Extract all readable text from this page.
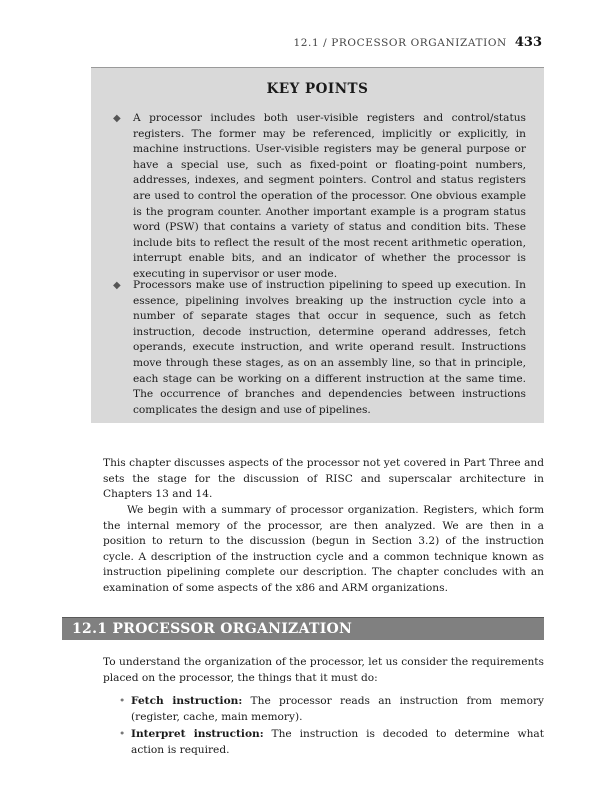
12.1 / PROCESSOR ORGANIZATION 433
KEY POINTS
◆ A processor includes both user-visible registers and control/status registers. The former may be referenced, implicitly or explicitly, in machine instructions. User-visible registers may be general purpose or have a special use, such as fixed-point or floating-point numbers, addresses, indexes, and segment pointers. Control and status registers are used to control the operation of the processor. One obvious example is the program counter. Another important example is a program status word (PSW) that contains a variety of status and condition bits. These include bits to reflect the result of the most recent arithmetic operation, interrupt enable bits, and an indicator of whether the processor is executing in supervisor or user mode.
◆ Processors make use of instruction pipelining to speed up execution. In essence, pipelining involves breaking up the instruction cycle into a number of separate stages that occur in sequence, such as fetch instruction, decode instruction, determine operand addresses, fetch operands, execute instruction, and write operand result. Instructions move through these stages, as on an assembly line, so that in principle, each stage can be working on a different instruction at the same time. The occurrence of branches and dependencies between instructions complicates the design and use of pipelines.
This chapter discusses aspects of the processor not yet covered in Part Three and sets the stage for the discussion of RISC and superscalar architecture in Chapters 13 and 14.
We begin with a summary of processor organization. Registers, which form the internal memory of the processor, are then analyzed. We are then in a position to return to the discussion (begun in Section 3.2) of the instruction cycle. A description of the instruction cycle and a common technique known as instruction pipelining complete our description. The chapter concludes with an examination of some aspects of the x86 and ARM organizations.
12.1 PROCESSOR ORGANIZATION
To understand the organization of the processor, let us consider the requirements placed on the processor, the things that it must do:
• Fetch instruction: The processor reads an instruction from memory (register, cache, main memory).
• Interpret instruction: The instruction is decoded to determine what action is required.
